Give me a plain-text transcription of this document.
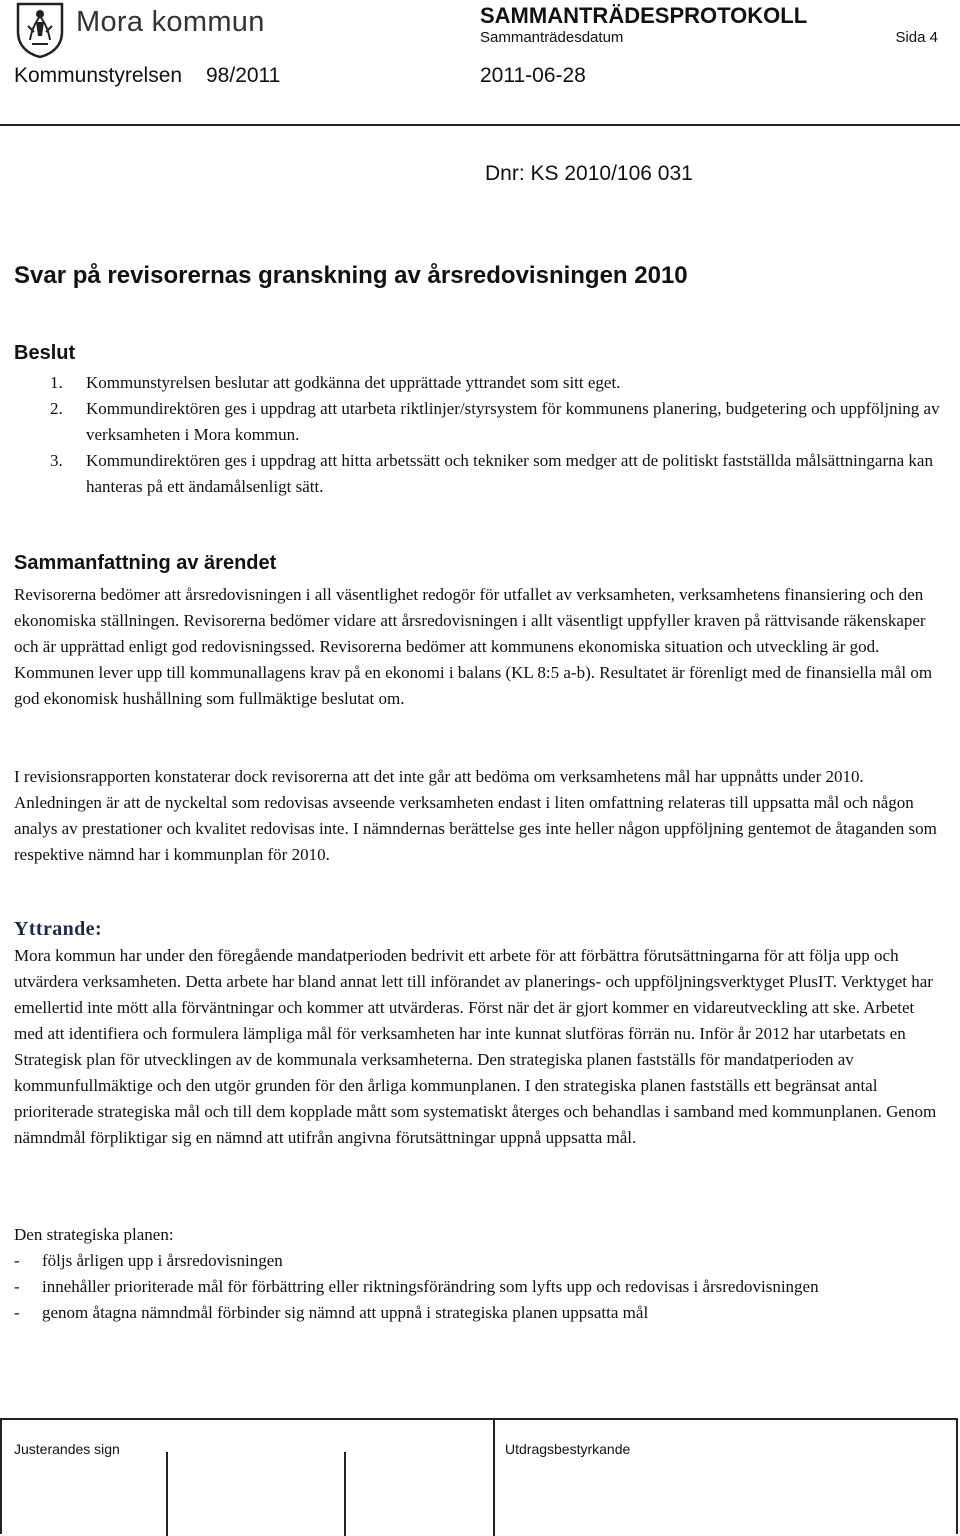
Mora kommun	SAMMANTRÄDESPROTOKOLL
Sammanträdesdatum	Sida 4
Kommunstyrelsen 98/2011	2011-06-28
Dnr: KS 2010/106 031
Svar på revisorernas granskning av årsredovisningen 2010
Beslut
1. Kommunstyrelsen beslutar att godkänna det upprättade yttrandet som sitt eget.
2. Kommundirektören ges i uppdrag att utarbeta riktlinjer/styrsystem för kommunens planering, budgetering och uppföljning av verksamheten i Mora kommun.
3. Kommundirektören ges i uppdrag att hitta arbetssätt och tekniker som medger att de politiskt fastställda målsättningarna kan hanteras på ett ändamålsenligt sätt.
Sammanfattning av ärendet

Revisorerna bedömer att årsredovisningen i all väsentlighet redogör för utfallet av verksamheten, verksamhetens finansiering och den ekonomiska ställningen. Revisorerna bedömer vidare att årsredovisningen i allt väsentligt uppfyller kraven på rättvisande räkenskaper och är upprättad enligt god redovisningssed. Revisorerna bedömer att kommunens ekonomiska situation och utveckling är god. Kommunen lever upp till kommunallagens krav på en ekonomi i balans (KL 8:5 a-b). Resultatet är förenligt med de finansiella mål om god ekonomisk hushållning som fullmäktige beslutat om.

I revisionsrapporten konstaterar dock revisorerna att det inte går att bedöma om verksamhetens mål har uppnåtts under 2010. Anledningen är att de nyckeltal som redovisas avseende verksamheten endast i liten omfattning relateras till uppsatta mål och någon analys av prestationer och kvalitet redovisas inte. I nämndernas berättelse ges inte heller någon uppföljning gentemot de åtaganden som respektive nämnd har i kommunplan för 2010.

Yttrande:

Mora kommun har under den föregående mandatperioden bedrivit ett arbete för att förbättra förutsättningarna för att följa upp och utvärdera verksamheten. Detta arbete har bland annat lett till införandet av planerings- och uppföljningsverktyget PlusIT. Verktyget har emellertid inte mött alla förväntningar och kommer att utvärderas. Först när det är gjort kommer en vidareutveckling att ske. Arbetet med att identifiera och formulera lämpliga mål för verksamheten har inte kunnat slutföras förrän nu. Inför år 2012 har utarbetats en Strategisk plan för utvecklingen av de kommunala verksamheterna. Den strategiska planen fastställs för mandatperioden av kommunfullmäktige och den utgör grunden för den årliga kommunplanen. I den strategiska planen fastställs ett begränsat antal prioriterade strategiska mål och till dem kopplade mått som systematiskt återges och behandlas i samband med kommunplanen. Genom nämndmål förpliktigar sig en nämnd att utifrån angivna förutsättningar uppnå uppsatta mål.

Den strategiska planen:

- följs årligen upp i årsredovisningen
- innehåller prioriterade mål för förbättring eller riktningsförändring som lyfts upp och redovisas i årsredovisningen
- genom åtagna nämndmål förbinder sig nämnd att uppnå i strategiska planen uppsatta mål
Justerandes sign	Utdragsbestyrkande
